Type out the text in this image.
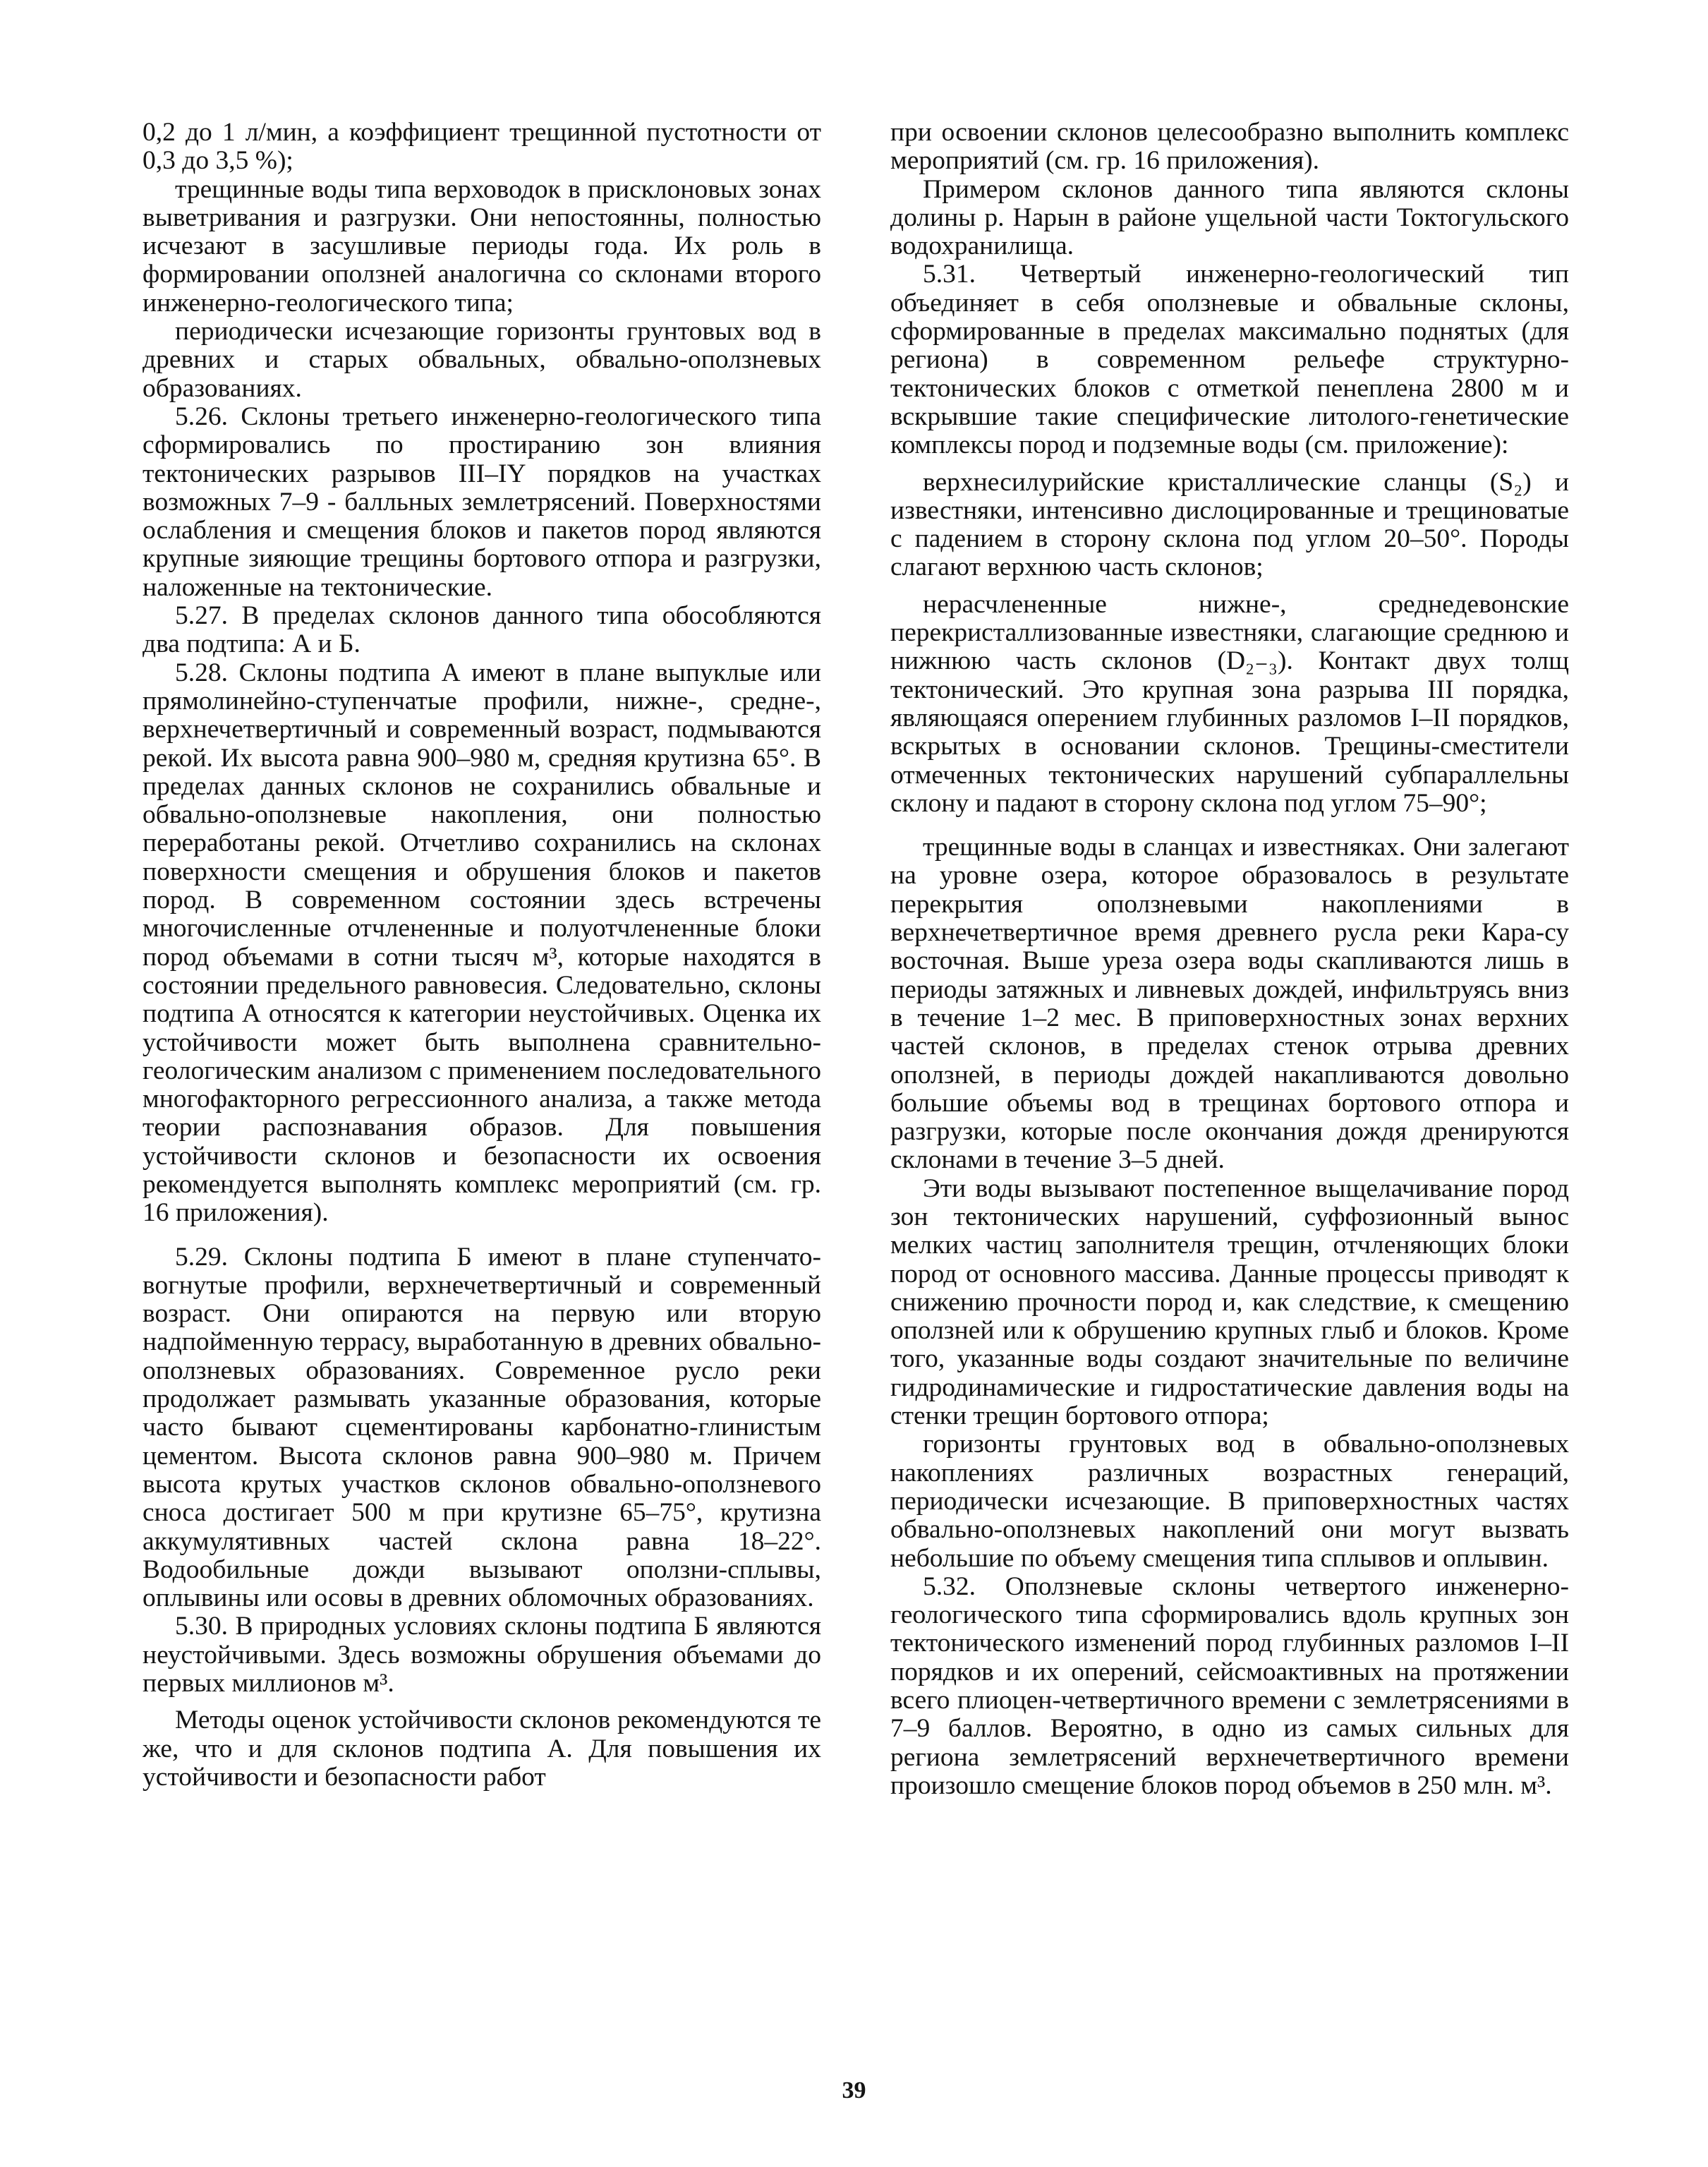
0,2 до 1 л/мин, а коэффициент трещинной пустотности от 0,3 до 3,5 %);

трещинные воды типа верховодок в присклоновых зонах выветривания и разгрузки. Они непостоянны, полностью исчезают в засушливые периоды года. Их роль в формировании оползней аналогична со склонами второго инженерно-геологического типа;

периодически исчезающие горизонты грунтовых вод в древних и старых обвальных, обвально-оползневых образованиях.

5.26. Склоны третьего инженерно-геологического типа сформировались по простиранию зон влияния тектонических разрывов III–IY порядков на участках возможных 7–9 - балльных землетрясений. Поверхностями ослабления и смещения блоков и пакетов пород являются крупные зияющие трещины бортового отпора и разгрузки, наложенные на тектонические.

5.27. В пределах склонов данного типа обособляются два подтипа: А и Б.

5.28. Склоны подтипа А имеют в плане выпуклые или прямолинейно-ступенчатые профили, нижне-, средне-, верхнечетвертичный и современный возраст, подмываются рекой. Их высота равна 900–980 м, средняя крутизна 65°. В пределах данных склонов не сохранились обвальные и обвально-оползневые накопления, они полностью переработаны рекой. Отчетливо сохранились на склонах поверхности смещения и обрушения блоков и пакетов пород. В современном состоянии здесь встречены многочисленные отчлененные и полуотчлененные блоки пород объемами в сотни тысяч м³, которые находятся в состоянии предельного равновесия. Следовательно, склоны подтипа А относятся к категории неустойчивых. Оценка их устойчивости может быть выполнена сравнительно-геологическим анализом с применением последовательного многофакторного регрессионного анализа, а также метода теории распознавания образов. Для повышения устойчивости склонов и безопасности их освоения рекомендуется выполнять комплекс мероприятий (см. гр. 16 приложения).

5.29. Склоны подтипа Б имеют в плане ступенчато-вогнутые профили, верхнечетвертичный и современный возраст. Они опираются на первую или вторую надпойменную террасу, выработанную в древних обвально-оползневых образованиях. Современное русло реки продолжает размывать указанные образования, которые часто бывают сцементированы карбонатно-глинистым цементом. Высота склонов равна 900–980 м. Причем высота крутых участков склонов обвально-оползневого сноса достигает 500 м при крутизне 65–75°, крутизна аккумулятивных частей склона равна 18–22°. Водообильные дожди вызывают оползни-сплывы, оплывины или осовы в древних обломочных образованиях.

5.30. В природных условиях склоны подтипа Б являются неустойчивыми. Здесь возможны обрушения объемами до первых миллионов м³.

Методы оценок устойчивости склонов рекомендуются те же, что и для склонов подтипа А. Для повышения их устойчивости и безопасности работ

при освоении склонов целесообразно выполнить комплекс мероприятий (см. гр. 16 приложения).

Примером склонов данного типа являются склоны долины р. Нарын в районе ущельной части Токтогульского водохранилища.

5.31. Четвертый инженерно-геологический тип объединяет в себя оползневые и обвальные склоны, сформированные в пределах максимально поднятых (для региона) в современном рельефе структурно-тектонических блоков с отметкой пенеплена 2800 м и вскрывшие такие специфические литолого-генетические комплексы пород и подземные воды (см. приложение):

верхнесилурийские кристаллические сланцы (S₂) и известняки, интенсивно дислоцированные и трещиноватые с падением в сторону склона под углом 20–50°. Породы слагают верхнюю часть склонов;

нерасчлененные нижне-, среднедевонские перекристаллизованные известняки, слагающие среднюю и нижнюю часть склонов (D₂₋₃). Контакт двух толщ тектонический. Это крупная зона разрыва III порядка, являющаяся оперением глубинных разломов I–II порядков, вскрытых в основании склонов. Трещины-сместители отмеченных тектонических нарушений субпараллельны склону и падают в сторону склона под углом 75–90°;

трещинные воды в сланцах и известняках. Они залегают на уровне озера, которое образовалось в результате перекрытия оползневыми накоплениями в верхнечетвертичное время древнего русла реки Кара-су восточная. Выше уреза озера воды скапливаются лишь в периоды затяжных и ливневых дождей, инфильтруясь вниз в течение 1–2 мес. В приповерхностных зонах верхних частей склонов, в пределах стенок отрыва древних оползней, в периоды дождей накапливаются довольно большие объемы вод в трещинах бортового отпора и разгрузки, которые после окончания дождя дренируются склонами в течение 3–5 дней.

Эти воды вызывают постепенное выщелачивание пород зон тектонических нарушений, суффозионный вынос мелких частиц заполнителя трещин, отчленяющих блоки пород от основного массива. Данные процессы приводят к снижению прочности пород и, как следствие, к смещению оползней или к обрушению крупных глыб и блоков. Кроме того, указанные воды создают значительные по величине гидродинамические и гидростатические давления воды на стенки трещин бортового отпора;

горизонты грунтовых вод в обвально-оползневых накоплениях различных возрастных генераций, периодически исчезающие. В приповерхностных частях обвально-оползневых накоплений они могут вызвать небольшие по объему смещения типа сплывов и оплывин.

5.32. Оползневые склоны четвертого инженерно-геологического типа сформировались вдоль крупных зон тектонического изменений пород глубинных разломов I–II порядков и их оперений, сейсмоактивных на протяжении всего плиоцен-четвертичного времени с землетрясениями в 7–9 баллов. Вероятно, в одно из самых сильных для региона землетрясений верхнечетвертичного времени произошло смещение блоков пород объемов в 250 млн. м³.

39
